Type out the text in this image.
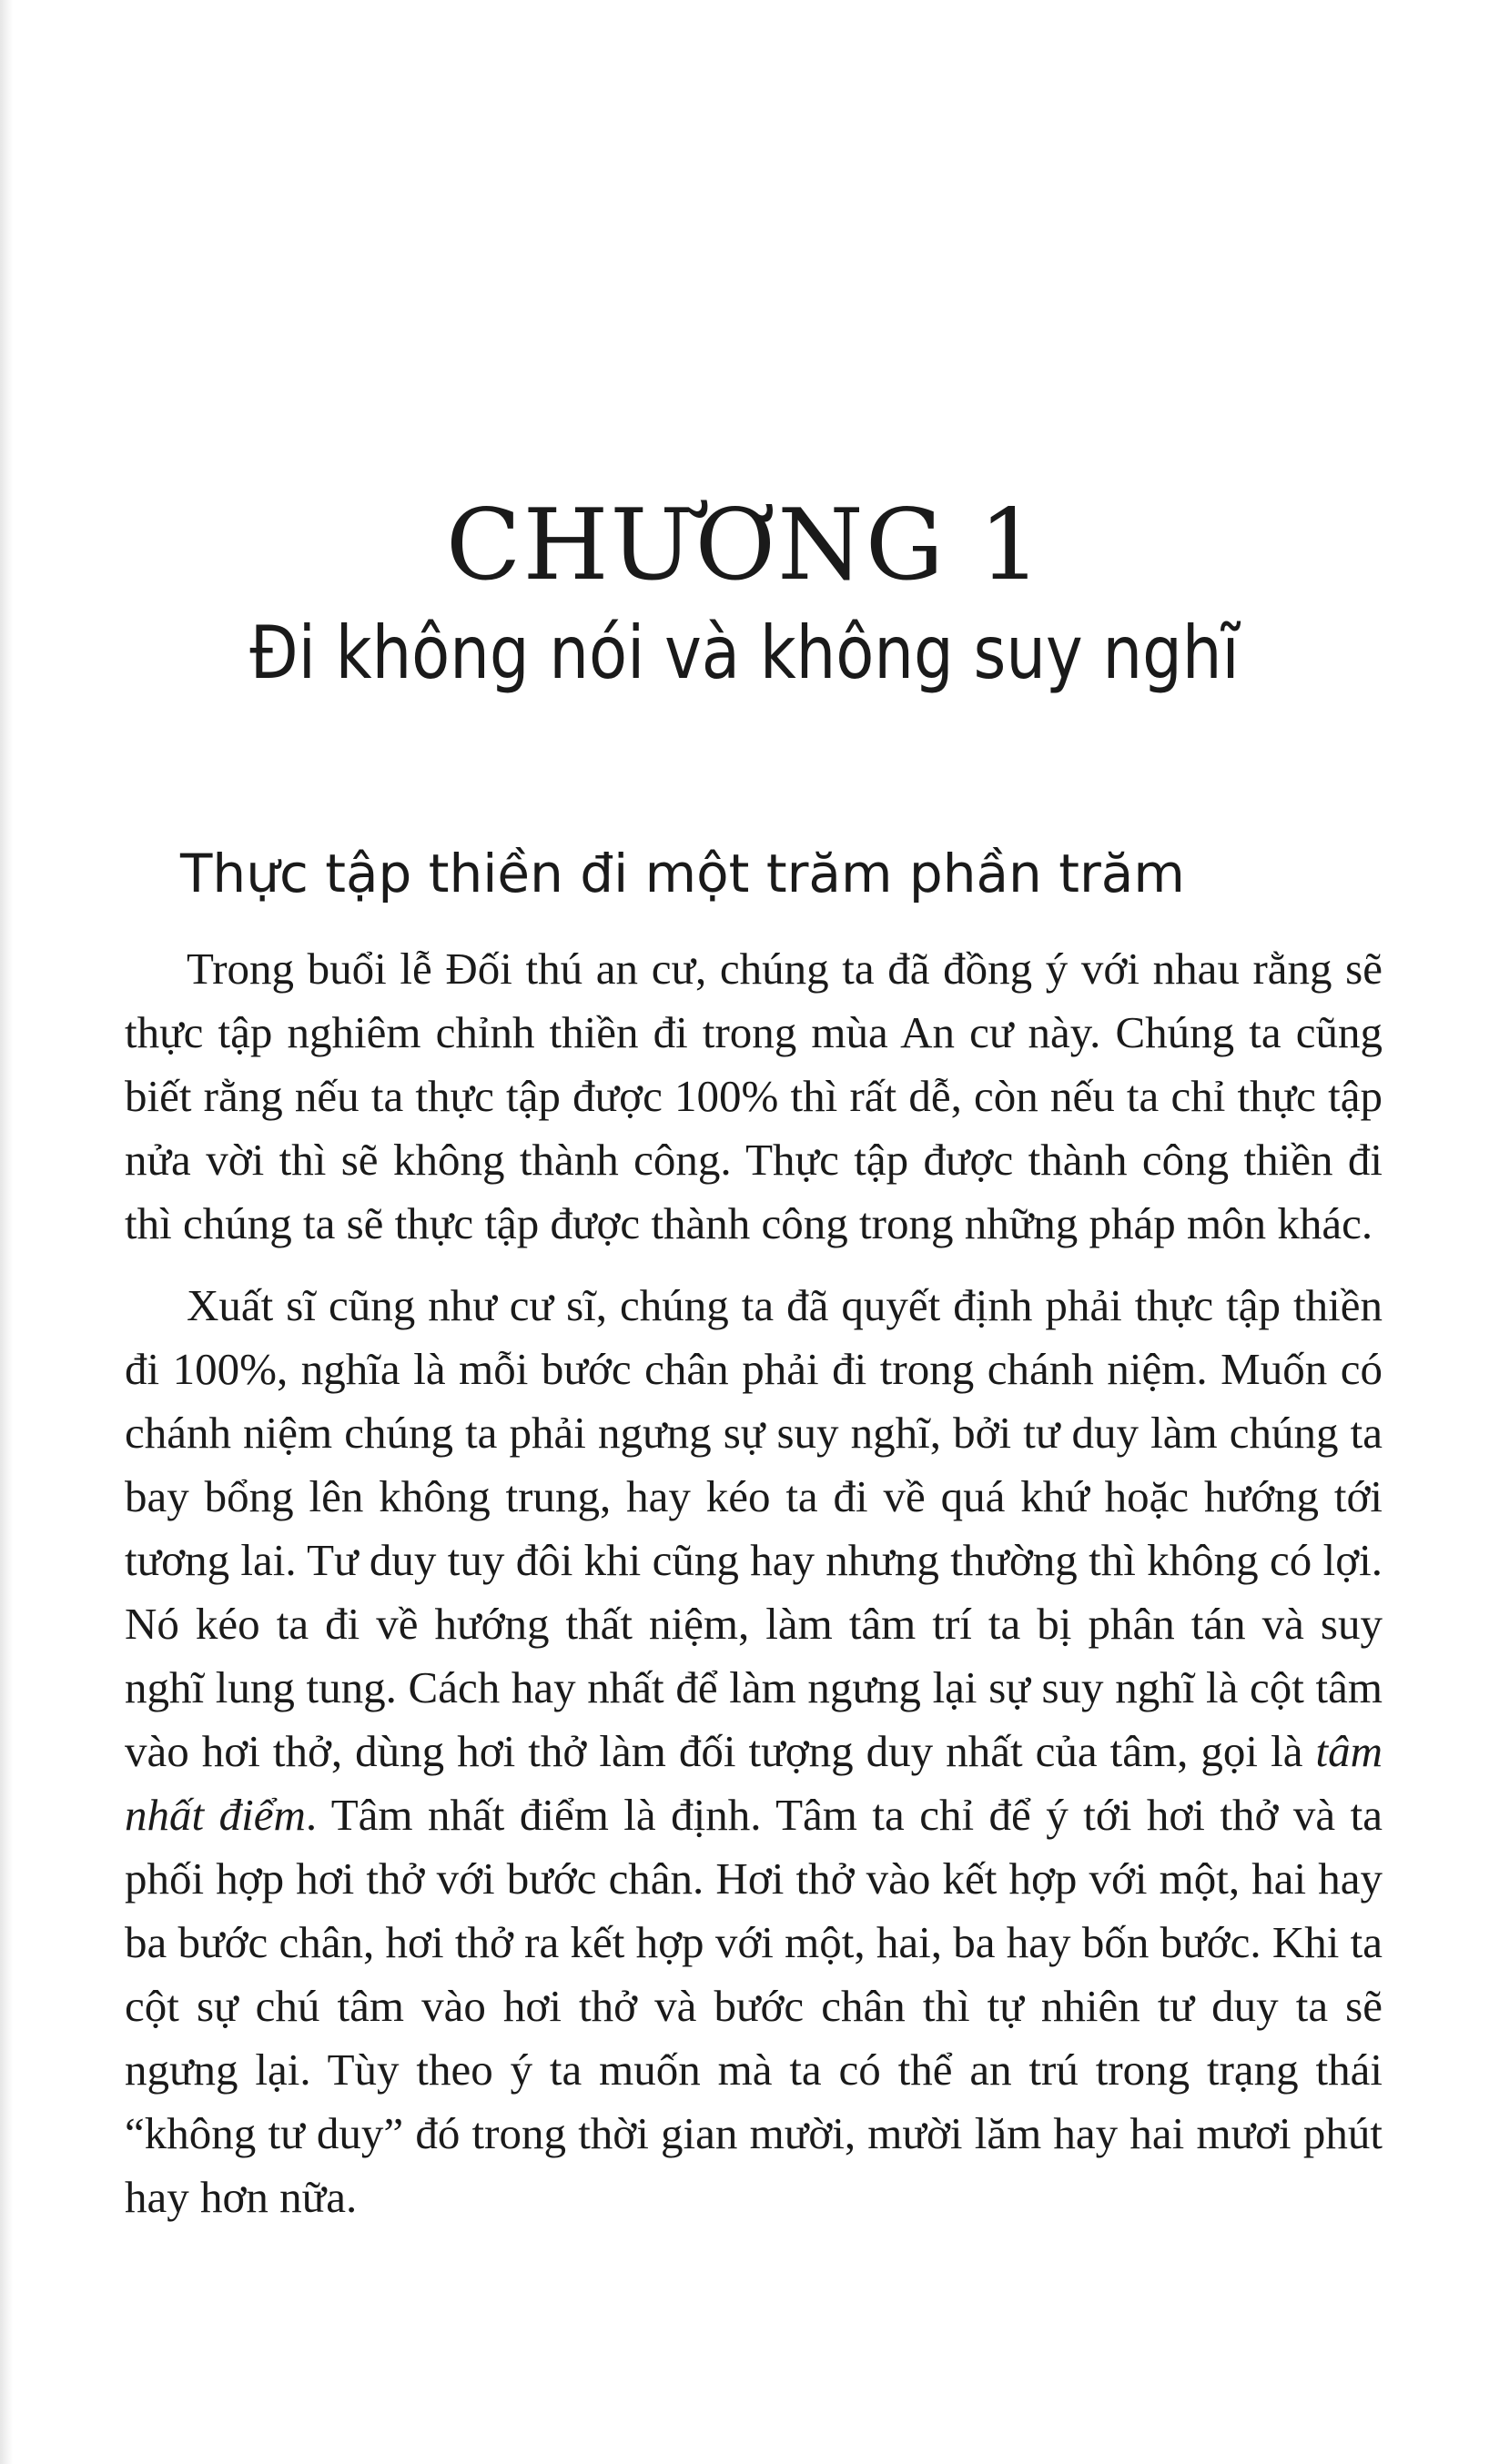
CHƯƠNG 1
Đi không nói và không suy nghĩ
Thực tập thiền đi một trăm phần trăm

Trong buổi lễ Đối thú an cư, chúng ta đã đồng ý với nhau rằng sẽ thực tập nghiêm chỉnh thiền đi trong mùa An cư này. Chúng ta cũng biết rằng nếu ta thực tập được 100% thì rất dễ, còn nếu ta chỉ thực tập nửa vời thì sẽ không thành công. Thực tập được thành công thiền đi thì chúng ta sẽ thực tập được thành công trong những pháp môn khác.

Xuất sĩ cũng như cư sĩ, chúng ta đã quyết định phải thực tập thiền đi 100%, nghĩa là mỗi bước chân phải đi trong chánh niệm. Muốn có chánh niệm chúng ta phải ngưng sự suy nghĩ, bởi tư duy làm chúng ta bay bổng lên không trung, hay kéo ta đi về quá khứ hoặc hướng tới tương lai. Tư duy tuy đôi khi cũng hay nhưng thường thì không có lợi. Nó kéo ta đi về hướng thất niệm, làm tâm trí ta bị phân tán và suy nghĩ lung tung. Cách hay nhất để làm ngưng lại sự suy nghĩ là cột tâm vào hơi thở, dùng hơi thở làm đối tượng duy nhất của tâm, gọi là tâm nhất điểm. Tâm nhất điểm là định. Tâm ta chỉ để ý tới hơi thở và ta phối hợp hơi thở với bước chân. Hơi thở vào kết hợp với một, hai hay ba bước chân, hơi thở ra kết hợp với một, hai, ba hay bốn bước. Khi ta cột sự chú tâm vào hơi thở và bước chân thì tự nhiên tư duy ta sẽ ngưng lại. Tùy theo ý ta muốn mà ta có thể an trú trong trạng thái “không tư duy” đó trong thời gian mười, mười lăm hay hai mươi phút hay hơn nữa.
